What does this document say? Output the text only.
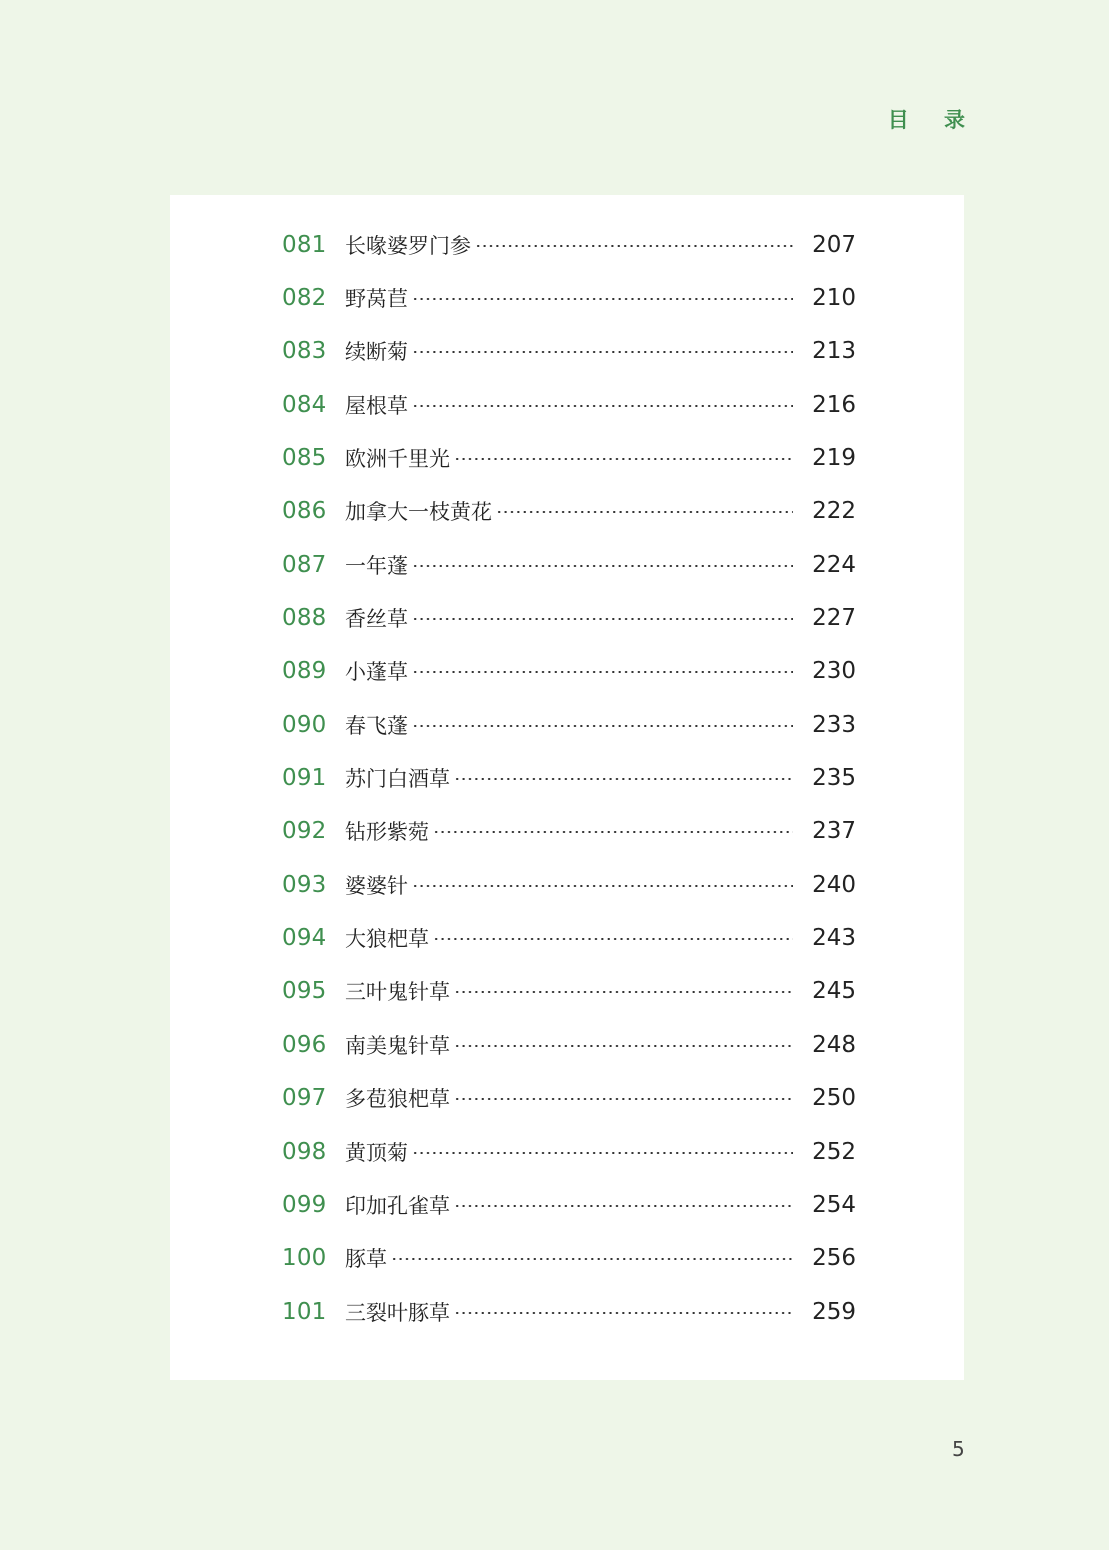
目 录
081 长喙婆罗门参	207
082 野莴苣	210
083 续断菊	213
084 屋根草	216
085 欧洲千里光	219
086 加拿大一枝黄花	222
087 一年蓬	224
088 香丝草	227
089 小蓬草	230
090 春飞蓬	233
091 苏门白酒草	235
092 钻形紫菀	237
093 婆婆针	240
094 大狼杷草	243
095 三叶鬼针草	245
096 南美鬼针草	248
097 多苞狼杷草	250
098 黄顶菊	252
099 印加孔雀草	254
100 豚草	256
101 三裂叶豚草	259
5
